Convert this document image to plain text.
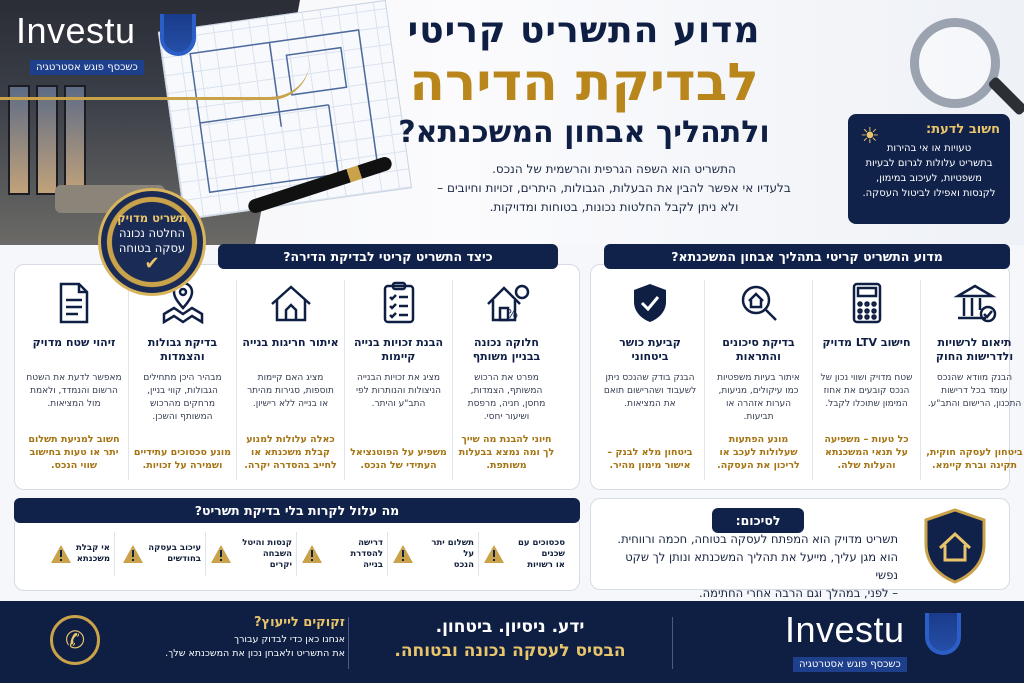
Investu
כשכסף פוגש אסטרטגיה
מדוע התשריט קריטי
לבדיקת הדירה
ולתהליך אבחון המשכנתא?
התשריט הוא השפה הגרפית והרשמית של הנכס.
בלעדיו אי אפשר להבין את הבעלות, הגבולות, היתרים, זכויות וחיובים –
ולא ניתן לקבל החלטות נכונות, בטוחות ומדויקות.
☀	חשוב לדעת:
טעויות או אי בהירות
בתשריט עלולות לגרום לבעיות
משפטיות, לעיכוב במימון,
לקנסות ואפילו לביטול העסקה.
תשריט מדויק
החלטה נכונה
עסקה בטוחה
✔	מדוע התשריט קריטי בתהליך אבחון המשכנתא?
תיאום לרשויות
ולדרישות החוק
הבנק מוודא שהנכס עומד בכל דרישות התכנון, הרישום והתב"ע.
ביטחון לעסקה חוקית, תקינה וברת קיימא.
חישוב LTV מדויק
שטח מדויק ושווי נכון של הנכס קובעים את אחוז המימון שתוכלו לקבל.
כל טעות – משפיעה על תנאי המשכנתא והעלות שלה.
בדיקת סיכונים
והתראות
איתור בעיות משפטיות כמו עיקולים, מניעות, הערות אזהרה או תביעות.
מונע הפתעות שעלולות לעכב או לריכון את העסקה.
קביעת כושר ביטחוני
הבנק בודק שהנכס ניתן לשעבוד ושהרישום תואם את המציאות.
ביטחון מלא לבנק – אישור מימון מהיר.
כיצד התשריט קריטי לבדיקת הדירה?
%
חלוקה נכונה
בבניין משותף
מפרט את הרכוש המשותף, הצמדות, מחסן, חניה, מרפסת ושיעור יחסי.
חיוני להבנת מה שייך לך ומה נמצא בבעלות משותפת.
הבנת זכויות בנייה
קיימות
מציג את זכויות הבנייה הניצולות והנותרות לפי התב"ע והיתר.
משפיע על הפוטנציאל העתידי של הנכס.
איתור חריגות בנייה
מציג האם קיימות תוספות, סגירות מהיתר או בנייה ללא רישיון.
כאלה עלולות למנוע קבלת משכנתא או לחייב בהסדרה יקרה.
בדיקת גבולות
והצמדות
מבהיר היכן מתחילים הגבולות, קווי בניין, מרחקים מהרכוש המשותף והשכן.
מונע סכסוכים עתידיים ושמירה על זכויות.
זיהוי שטח מדויק
מאפשר לדעת את השטח הרשום והנמדד, ולאמת מול המציאות.
חשוב למניעת תשלום יתר או טעות בחישוב שווי הנכס.
מה עלול לקרות בלי בדיקת תשריט?
סכסוכים עם שכנים
או רשויות
תשלום יתר על
הנכס
דרישה להסדרת
בנייה
קנסות והיטל השבחה
יקרים
עיכוב בעסקה
בחודשים
אי קבלת
משכנתא
לסיכום:
תשריט מדויק הוא המפתח לעסקה בטוחה, חכמה ורווחית.
הוא מגן עליך, מייעל את תהליך המשכנתא ונותן לך שקט נפשי
– לפני, במהלך וגם הרבה אחרי החתימה.
✆
זקוקים לייעוץ?
אנחנו כאן כדי לבדוק עבורך
את התשריט ולאבחן נכון את המשכנתא שלך.
ידע. ניסיון. ביטחון.
הבסיס לעסקה נכונה ובטוחה.
Investu
כשכסף פוגש אסטרטגיה
